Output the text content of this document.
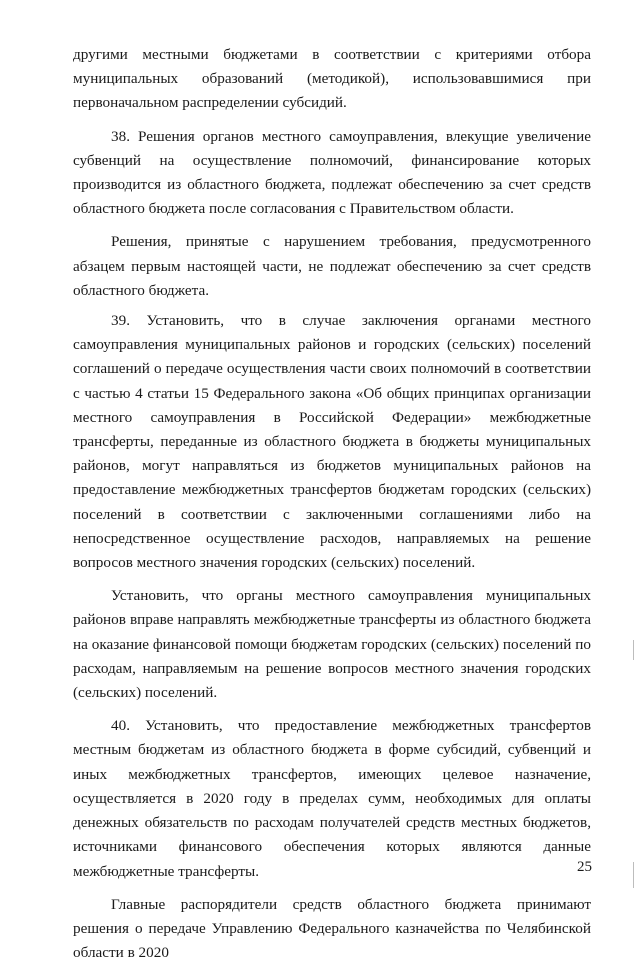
другими местными бюджетами в соответствии с критериями отбора муниципальных образований (методикой), использовавшимися при первоначальном распределении субсидий.

38. Решения органов местного самоуправления, влекущие увеличение субвенций на осуществление полномочий, финансирование которых производится из областного бюджета, подлежат обеспечению за счет средств областного бюджета после согласования с Правительством области.

Решения, принятые с нарушением требования, предусмотренного абзацем первым настоящей части, не подлежат обеспечению за счет средств областного бюджета.

39. Установить, что в случае заключения органами местного самоуправления муниципальных районов и городских (сельских) поселений соглашений о передаче осуществления части своих полномочий в соответствии с частью 4 статьи 15 Федерального закона «Об общих принципах организации местного самоуправления в Российской Федерации» межбюджетные трансферты, переданные из областного бюджета в бюджеты муниципальных районов, могут направляться из бюджетов муниципальных районов на предоставление межбюджетных трансфертов бюджетам городских (сельских) поселений в соответствии с заключенными соглашениями либо на непосредственное осуществление расходов, направляемых на решение вопросов местного значения городских (сельских) поселений.

Установить, что органы местного самоуправления муниципальных районов вправе направлять межбюджетные трансферты из областного бюджета на оказание финансовой помощи бюджетам городских (сельских) поселений по расходам, направляемым на решение вопросов местного значения городских (сельских) поселений.

40. Установить, что предоставление межбюджетных трансфертов местным бюджетам из областного бюджета в форме субсидий, субвенций и иных межбюджетных трансфертов, имеющих целевое назначение, осуществляется в 2020 году в пределах сумм, необходимых для оплаты денежных обязательств по расходам получателей средств местных бюджетов, источниками финансового обеспечения которых являются данные межбюджетные трансферты.

Главные распорядители средств областного бюджета принимают решения о передаче Управлению Федерального казначейства по Челябинской области в 2020

25
